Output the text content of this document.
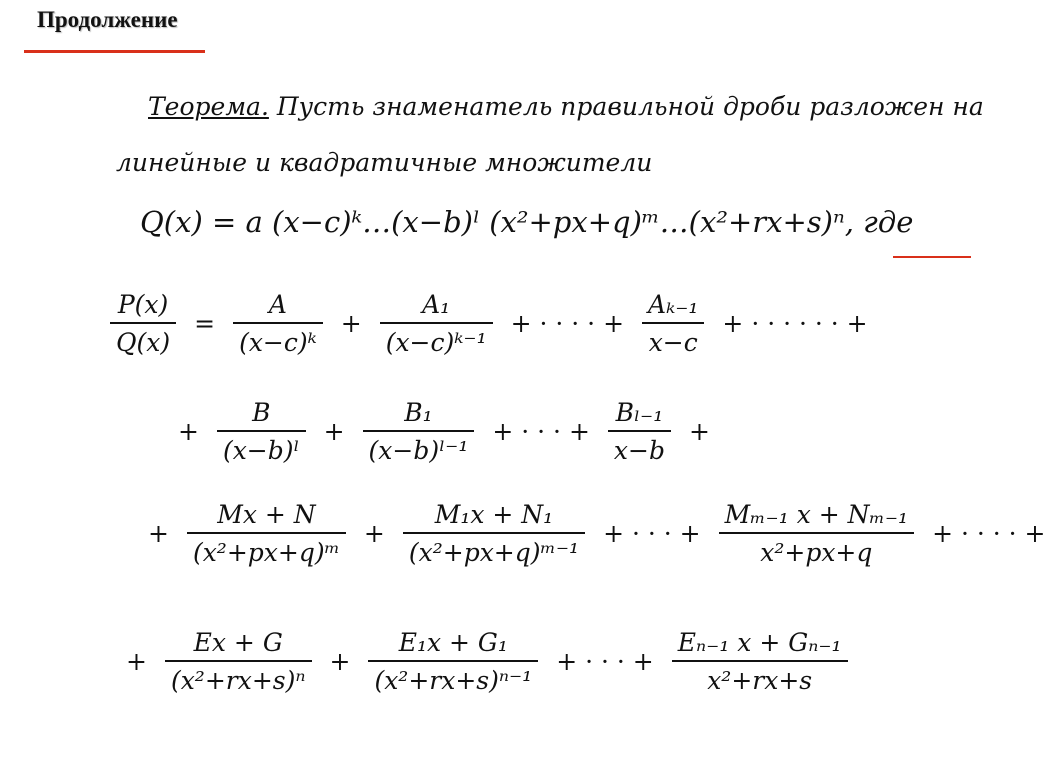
Продолжение
Теорема. Пусть знаменатель правильной дроби разложен на
линейные и квадратичные множители
Q(x) = a (x−c)ᵏ…(x−b)ˡ (x²+px+q)ᵐ…(x²+rx+s)ⁿ, где
$\frac{P(x)}{Q(x)} = \frac{A}{\text{(x−c)ᵏ}} + \frac{\text{A₁}}{\text{(x−c)ᵏ⁻¹}}$ + · · · · + $\frac{\text{Aₖ₋₁}}{x-c}$ + · · · · · · +
+ $\frac{B}{\text{(x−b)ˡ}} + \frac{\text{B₁}}{\text{(x−b)ˡ⁻¹}}$ + · · · + $\frac{\text{Bₗ₋₁}}{x-b}$ +
+ $\frac{Mx + N}{\text{(x²+px+q)ᵐ}} + \frac{\text{M₁x + N₁}}{\text{(x²+px+q)ᵐ⁻¹}}$ + · · · + $\frac{\text{Mₘ₋₁ x + Nₘ₋₁}}{\text{x²+px+q}}$ + · · · · +
+ $\frac{Ex + G}{\text{(x²+rx+s)ⁿ}} + \frac{\text{E₁x + G₁}}{\text{(x²+rx+s)ⁿ⁻¹}}$ + · · · + $\frac{\text{Eₙ₋₁ x + Gₙ₋₁}}{\text{x²+rx+s}}$
